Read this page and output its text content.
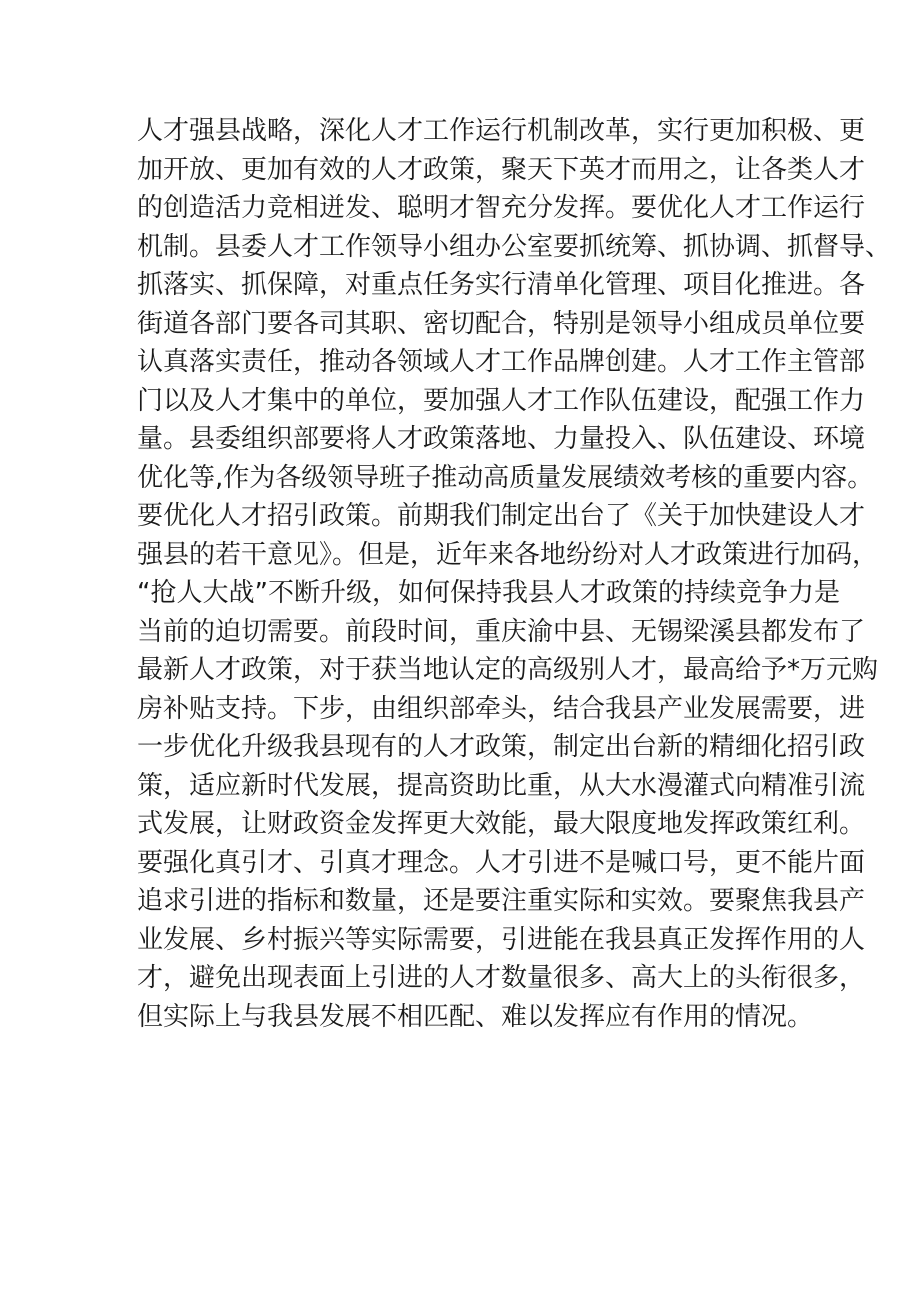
人才强县战略，深化人才工作运行机制改革，实行更加积极、更
加开放、更加有效的人才政策，聚天下英才而用之，让各类人才
的创造活力竞相迸发、聪明才智充分发挥。要优化人才工作运行
机制。县委人才工作领导小组办公室要抓统筹、抓协调、抓督导、
抓落实、抓保障，对重点任务实行清单化管理、项目化推进。各
街道各部门要各司其职、密切配合，特别是领导小组成员单位要
认真落实责任，推动各领域人才工作品牌创建。人才工作主管部
门以及人才集中的单位，要加强人才工作队伍建设，配强工作力
量。县委组织部要将人才政策落地、力量投入、队伍建设、环境
优化等,作为各级领导班子推动高质量发展绩效考核的重要内容。
要优化人才招引政策。前期我们制定出台了《关于加快建设人才
强县的若干意见》。但是，近年来各地纷纷对人才政策进行加码，
“抢人大战”不断升级，如何保持我县人才政策的持续竞争力是
当前的迫切需要。前段时间，重庆渝中县、无锡梁溪县都发布了
最新人才政策，对于获当地认定的高级别人才，最高给予*万元购
房补贴支持。下步，由组织部牵头，结合我县产业发展需要，进
一步优化升级我县现有的人才政策，制定出台新的精细化招引政
策，适应新时代发展，提高资助比重，从大水漫灌式向精准引流
式发展，让财政资金发挥更大效能，最大限度地发挥政策红利。
要强化真引才、引真才理念。人才引进不是喊口号，更不能片面
追求引进的指标和数量，还是要注重实际和实效。要聚焦我县产
业发展、乡村振兴等实际需要，引进能在我县真正发挥作用的人
才，避免出现表面上引进的人才数量很多、高大上的头衔很多，
但实际上与我县发展不相匹配、难以发挥应有作用的情况。
